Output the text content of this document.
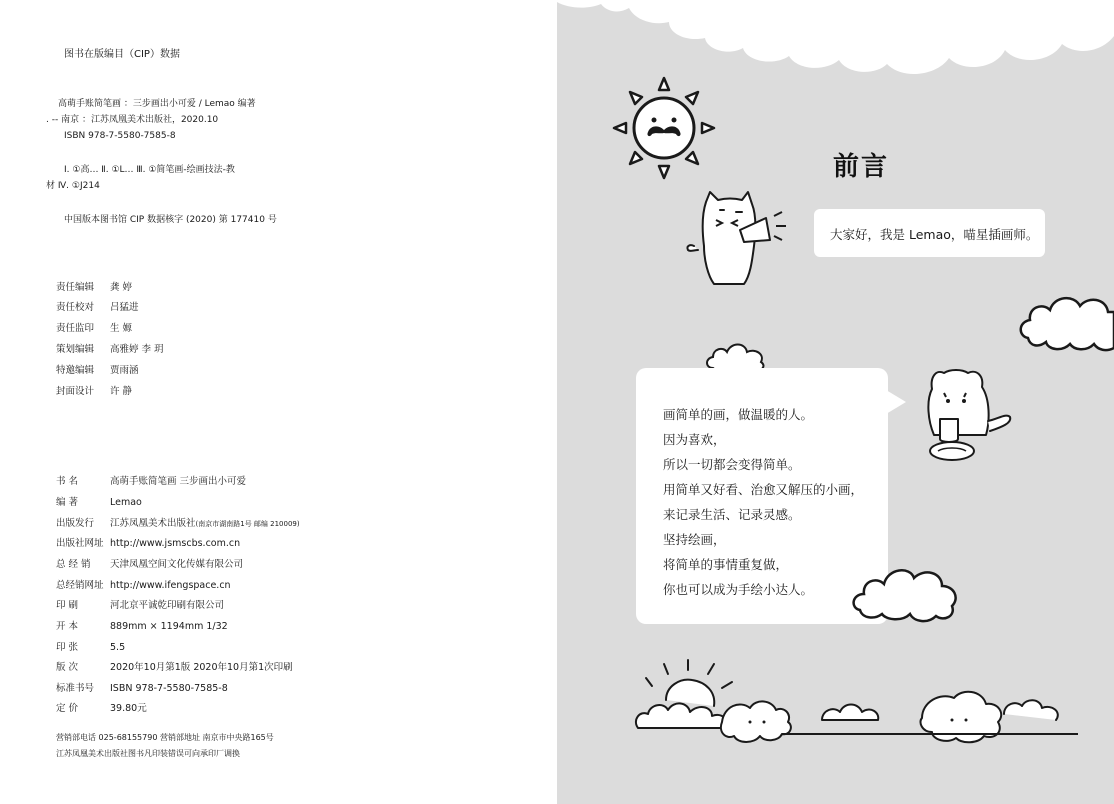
图书在版编目（CIP）数据
高萌手账简笔画 ：三步画出小可爱 / Lemao 编著
. -- 南京 ：江苏凤凰美术出版社，2020.10
ISBN 978-7-5580-7585-8
Ⅰ. ①高… Ⅱ. ①L… Ⅲ. ①简笔画-绘画技法-教
材 Ⅳ. ①J214
中国版本图书馆 CIP 数据核字 (2020) 第 177410 号
责任编辑 龚 婷
责任校对 吕猛进
责任监印 生 嫄
策划编辑 高雅婷 李 玥
特邀编辑 贾雨涵
封面设计 许 静
书 名	高萌手账简笔画 三步画出小可爱
编 著	Lemao
出版发行 江苏凤凰美术出版社(南京市湖南路1号 邮编 210009)
出版社网址 http://www.jsmscbs.com.cn
总 经 销 天津凤凰空间文化传媒有限公司
总经销网址 http://www.ifengspace.cn
印 刷	河北京平诚乾印刷有限公司
开 本	889mm × 1194mm 1/32
印 张	5.5
版 次	2020年10月第1版 2020年10月第1次印刷
标准书号 ISBN 978-7-5580-7585-8
定 价	39.80元
营销部电话 025-68155790 营销部地址 南京市中央路165号
江苏凤凰美术出版社图书凡印装错误可向承印厂调换
前言
大家好，我是 Lemao，喵星插画师。
画简单的画，做温暖的人。
因为喜欢，
所以一切都会变得简单。
用简单又好看、治愈又解压的小画，
来记录生活、记录灵感。
坚持绘画，
将简单的事情重复做，
你也可以成为手绘小达人。
